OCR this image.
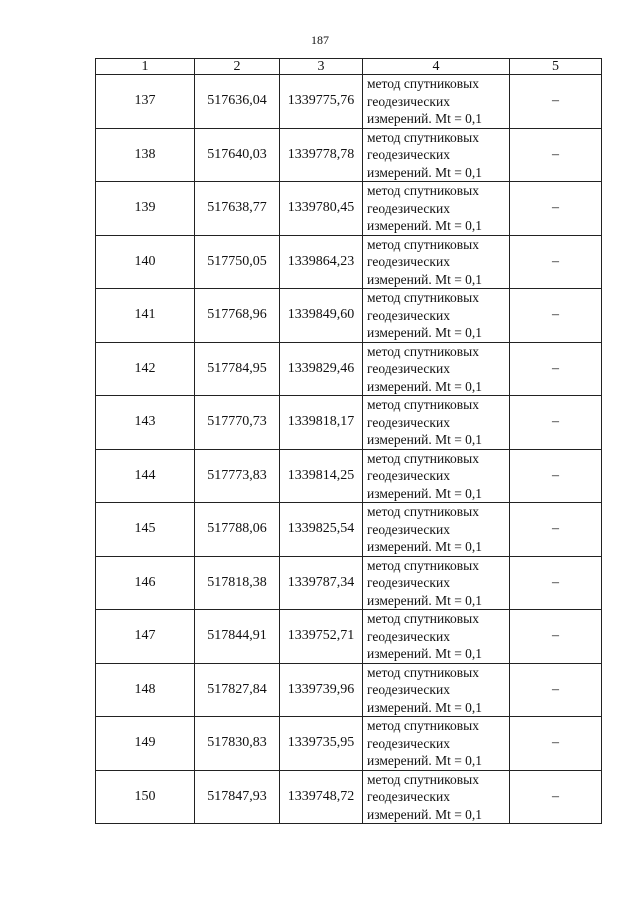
187
1	2	3	4	5
137	517636,04	1339775,76	метод спутниковых
геодезических
измерений. Mt = 0,1	–
138	517640,03	1339778,78	метод спутниковых
геодезических
измерений. Mt = 0,1	–
139	517638,77	1339780,45	метод спутниковых
геодезических
измерений. Mt = 0,1	–
140	517750,05	1339864,23	метод спутниковых
геодезических
измерений. Mt = 0,1	–
141	517768,96	1339849,60	метод спутниковых
геодезических
измерений. Mt = 0,1	–
142	517784,95	1339829,46	метод спутниковых
геодезических
измерений. Mt = 0,1	–
143	517770,73	1339818,17	метод спутниковых
геодезических
измерений. Mt = 0,1	–
144	517773,83	1339814,25	метод спутниковых
геодезических
измерений. Mt = 0,1	–
145	517788,06	1339825,54	метод спутниковых
геодезических
измерений. Mt = 0,1	–
146	517818,38	1339787,34	метод спутниковых
геодезических
измерений. Mt = 0,1	–
147	517844,91	1339752,71	метод спутниковых
геодезических
измерений. Mt = 0,1	–
148	517827,84	1339739,96	метод спутниковых
геодезических
измерений. Mt = 0,1	–
149	517830,83	1339735,95	метод спутниковых
геодезических
измерений. Mt = 0,1	–
150	517847,93	1339748,72	метод спутниковых
геодезических
измерений. Mt = 0,1	–
